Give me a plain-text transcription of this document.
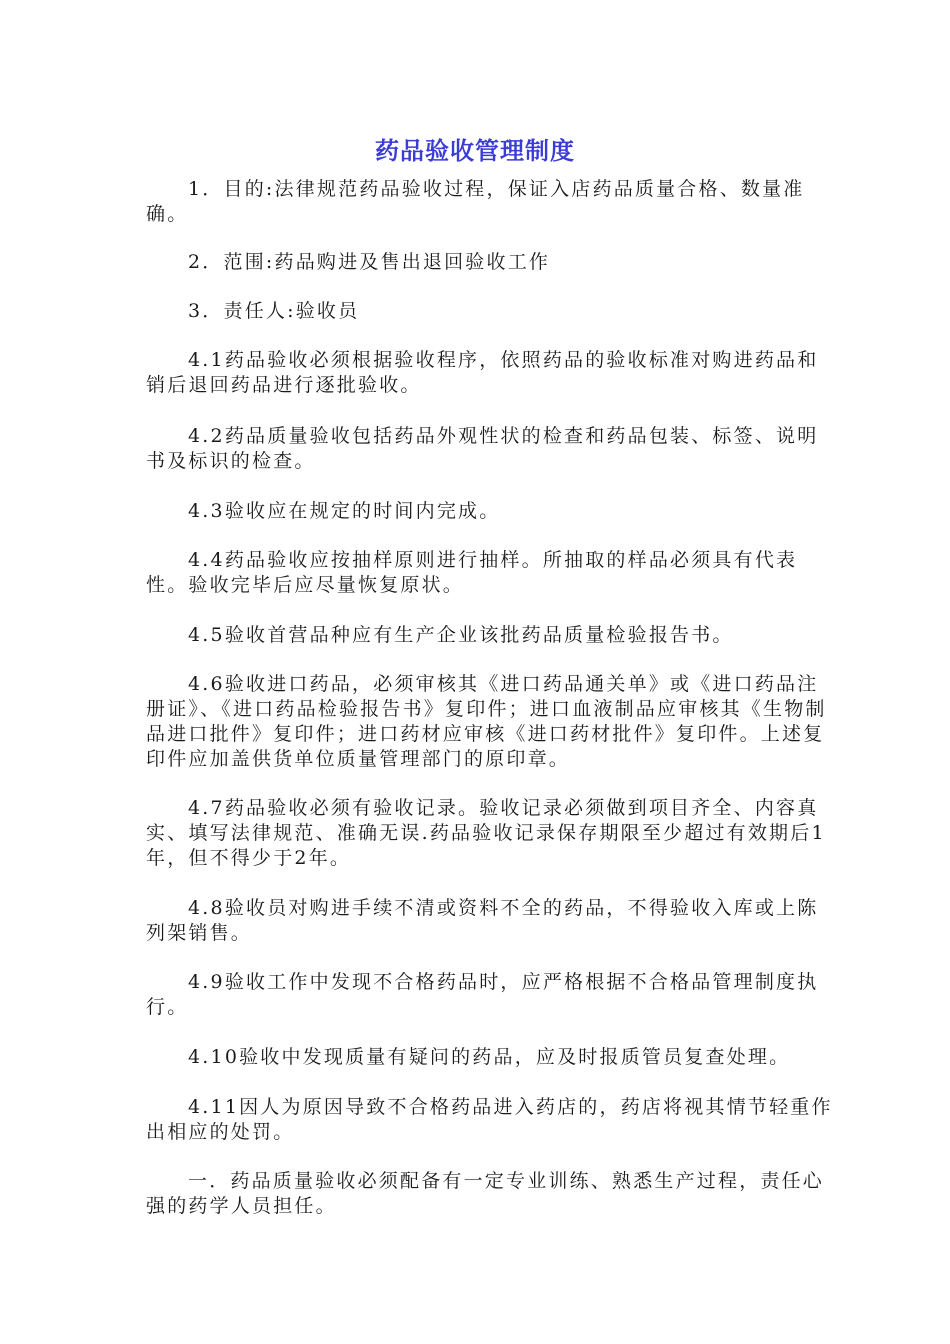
药品验收管理制度

1．目的:法律规范药品验收过程，保证入店药品质量合格、数量准确。

2．范围:药品购进及售出退回验收工作

3．责任人:验收员

4.1药品验收必须根据验收程序，依照药品的验收标准对购进药品和销后退回药品进行逐批验收。

4.2药品质量验收包括药品外观性状的检查和药品包装、标签、说明书及标识的检查。

4.3验收应在规定的时间内完成。

4.4药品验收应按抽样原则进行抽样。所抽取的样品必须具有代表性。验收完毕后应尽量恢复原状。

4.5验收首营品种应有生产企业该批药品质量检验报告书。

4.6验收进口药品，必须审核其《进口药品通关单》或《进口药品注册证》、《进口药品检验报告书》复印件；进口血液制品应审核其《生物制品进口批件》复印件；进口药材应审核《进口药材批件》复印件。上述复印件应加盖供货单位质量管理部门的原印章。

4.7药品验收必须有验收记录。验收记录必须做到项目齐全、内容真实、填写法律规范、准确无误.药品验收记录保存期限至少超过有效期后1年，但不得少于2年。

4.8验收员对购进手续不清或资料不全的药品，不得验收入库或上陈列架销售。

4.9验收工作中发现不合格药品时，应严格根据不合格品管理制度执行。

4.10验收中发现质量有疑问的药品，应及时报质管员复查处理。

4.11因人为原因导致不合格药品进入药店的，药店将视其情节轻重作出相应的处罚。

一．药品质量验收必须配备有一定专业训练、熟悉生产过程，责任心强的药学人员担任。
